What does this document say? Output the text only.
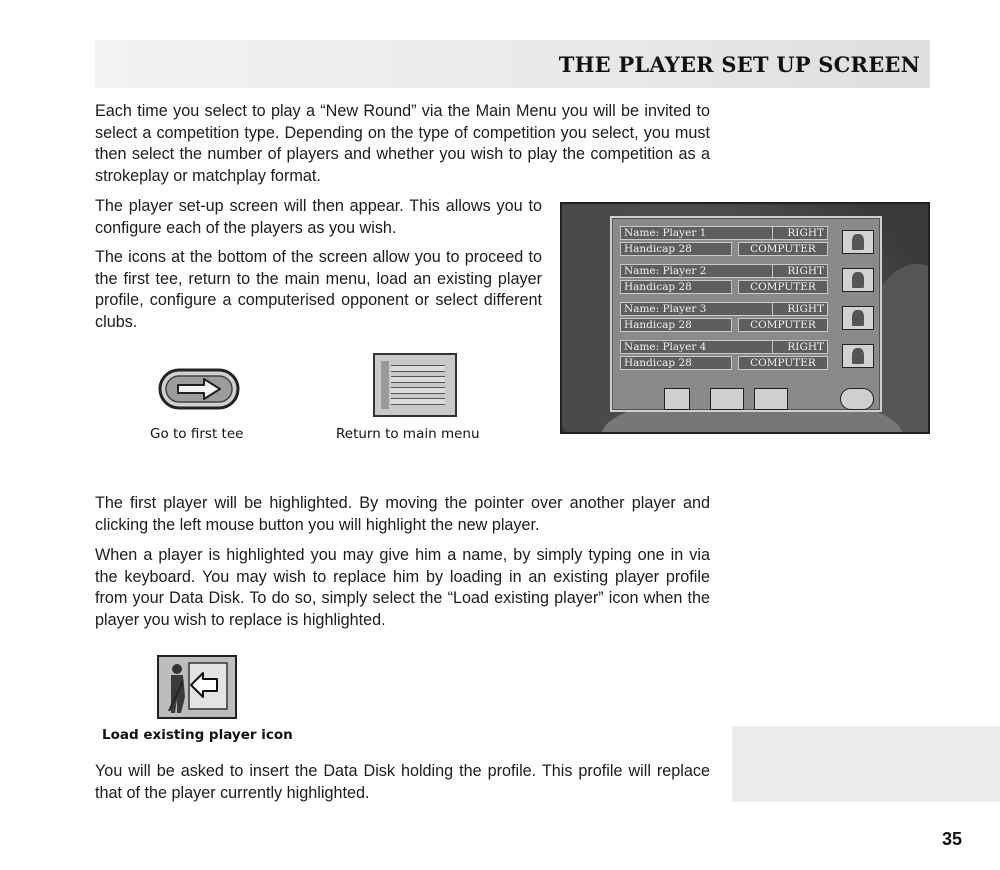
THE PLAYER SET UP SCREEN

Each time you select to play a “New Round” via the Main Menu you will be invited to select a competition type. Depending on the type of competition you select, you must then select the number of players and whether you wish to play the competition as a strokeplay or matchplay format.

The player set-up screen will then appear. This allows you to configure each of the players as you wish.

The icons at the bottom of the screen allow you to proceed to the first tee, return to the main menu, load an existing player profile, configure a computerised opponent or select different clubs.

Go to first tee	Return to main menu
Name: Player 1	RIGHT
Handicap 28	COMPUTER
Name: Player 2	RIGHT
Handicap 28	COMPUTER
Name: Player 3	RIGHT
Handicap 28	COMPUTER
Name: Player 4	RIGHT
Handicap 28	COMPUTER

The first player will be highlighted. By moving the pointer over another player and clicking the left mouse button you will highlight the new player.

When a player is highlighted you may give him a name, by simply typing one in via the keyboard. You may wish to replace him by loading in an existing player profile from your Data Disk. To do so, simply select the “Load existing player” icon when the player you wish to replace is highlighted.

Load existing player icon

You will be asked to insert the Data Disk holding the profile. This profile will replace that of the player currently highlighted.

35
